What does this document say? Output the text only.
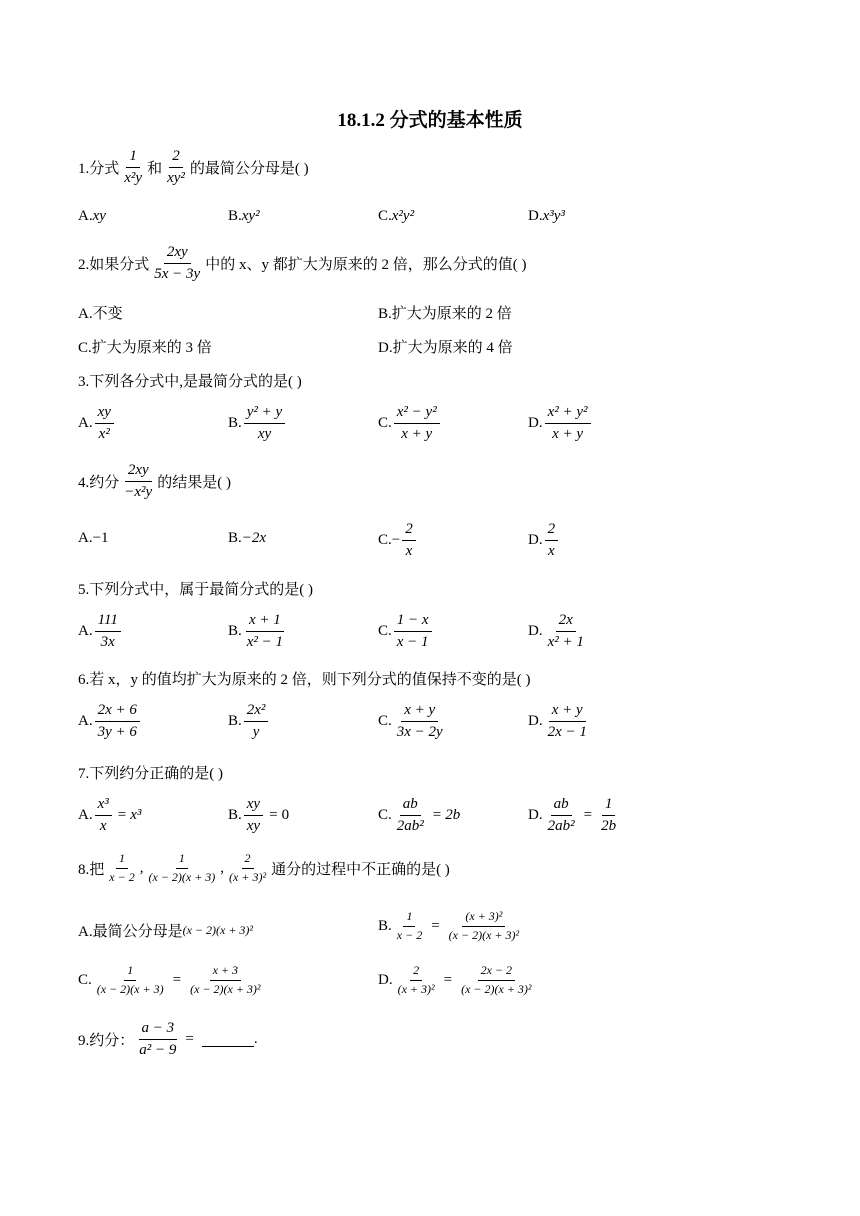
18.1.2 分式的基本性质
1.分式 $\frac{1}{\text{x²y}}$ 和 $\frac{2}{\text{xy²}}$ 的最简公分母是( )
A. xy	B. xy²	C. x²y²	D. x³y³
2.如果分式 $\frac{2xy}{5x - 3y}$ 中的 x、y 都扩大为原来的 2 倍，那么分式的值( )
A.不变	B.扩大为原来的 2 倍
C.扩大为原来的 3 倍	D.扩大为原来的 4 倍
3.下列各分式中,是最简分式的是( )
A. $\frac{xy}{\text{x²}}$	B. $\frac{\text{y² + y}}{xy}$	C. $\frac{\text{x² − y²}}{x + y}$	D. $\frac{\text{x² + y²}}{x + y}$
4.约分 $\frac{2xy}{\text{−x²y}}$ 的结果是( )
A. −1	B. −2x	$C.- \frac{2}{x}$	D. $\frac{2}{x}$
5.下列分式中，属于最简分式的是( )
A. $\frac{111}{3x}$	B. $\frac{x + 1}{\text{x² − 1}}$	C. $\frac{1 - x}{x - 1}$	D. $\frac{2x}{\text{x² + 1}}$
6.若 x，y 的值均扩大为原来的 2 倍，则下列分式的值保持不变的是( )
A. $\frac{2x + 6}{3y + 6}$	B. $\frac{\text{2x²}}{y}$	C. $\frac{x + y}{3x - 2y}$	D. $\frac{x + y}{2x - 1}$
7.下列约分正确的是( )
A. $\frac{\text{x³}}{x} = x^3$	B. $\frac{xy}{xy} = 0$	C. $\frac{ab}{\text{2ab²}} = 2b$	D. $\frac{ab}{\text{2ab²}} = \frac{1}{2b}$
8.把 $\frac{1}{x - 2}$ , $\frac{1}{(x - 2)(x + 3)}$ , $\frac{2}{\text{(x + 3)²}}$ 通分的过程中不正确的是( )
A.最简公分母是 (x − 2)(x + 3)²	B. $\frac{1}{x - 2} = \frac{\text{(x + 3)²}}{\text{(x − 2)(x + 3)²}}$
C. $\frac{1}{(x - 2)(x + 3)} = \frac{x + 3}{\text{(x − 2)(x + 3)²}}$	D. $\frac{2}{\text{(x + 3)²}} = \frac{2x - 2}{\text{(x − 2)(x + 3)²}}$
9.约分： $\frac{a - 3}{\text{a² − 9}}$ =	.
